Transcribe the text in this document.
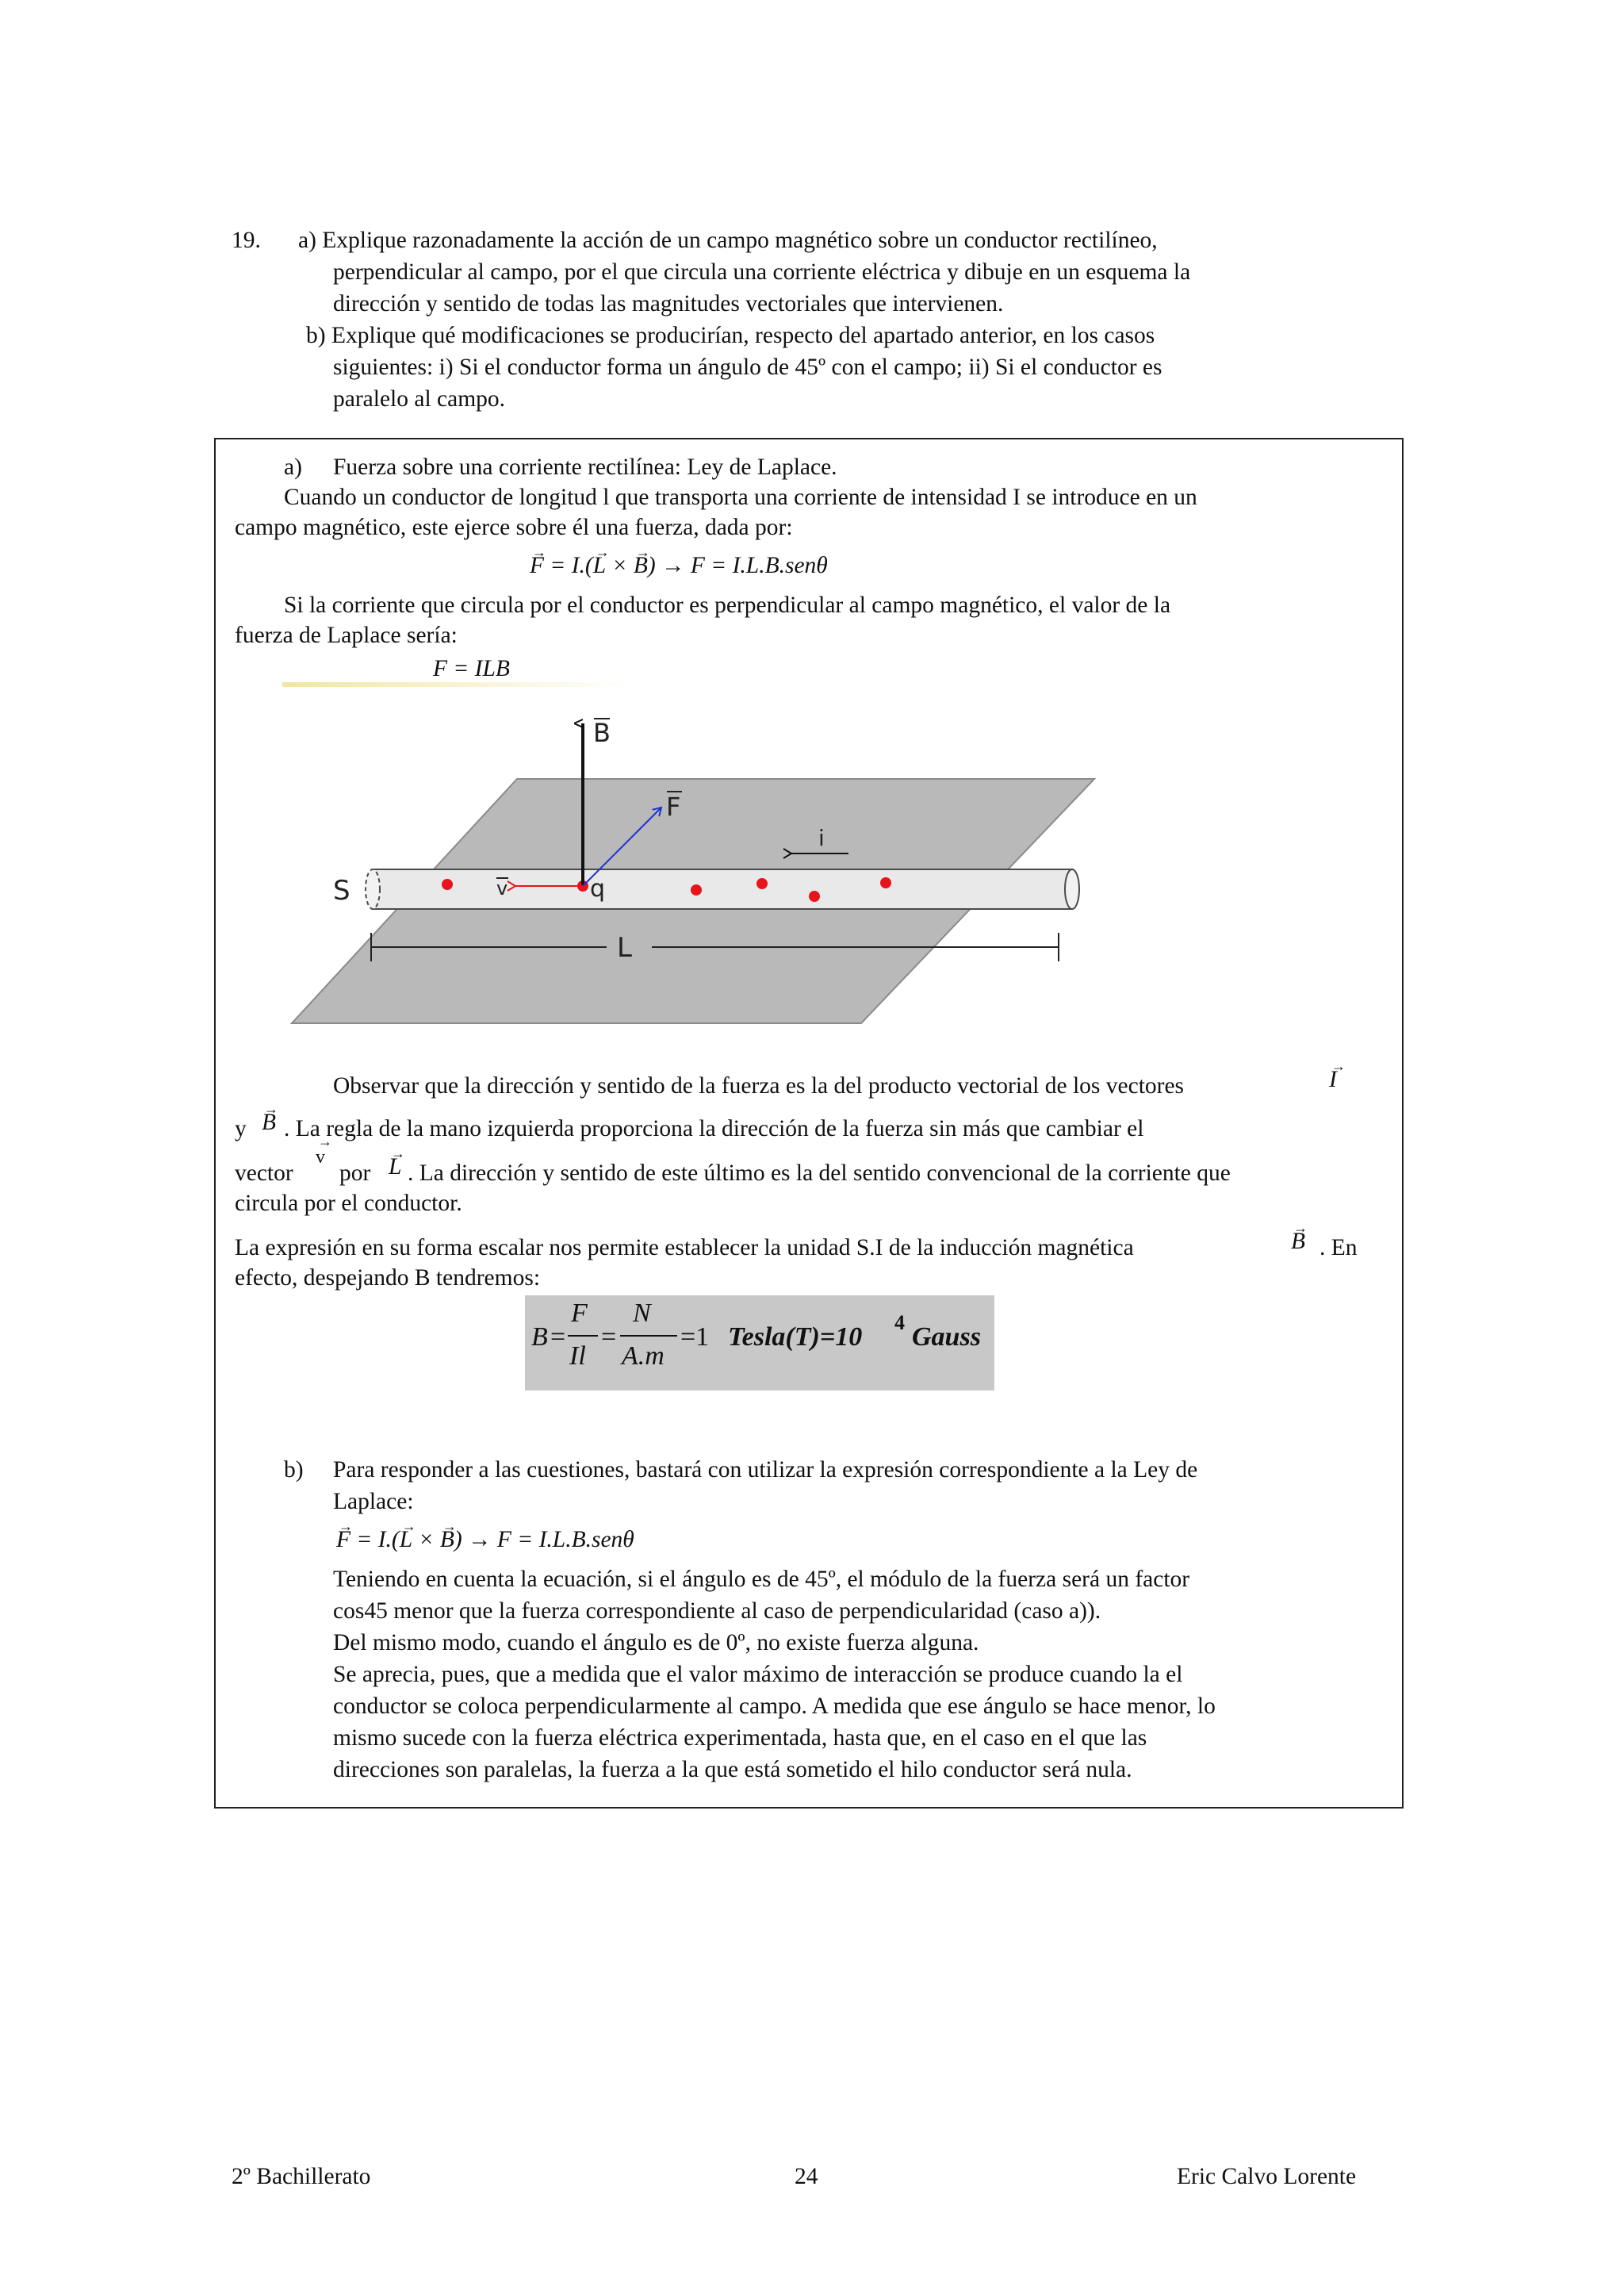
19. a) Explique razonadamente la acción de un campo magnético sobre un conductor rectilíneo,
perpendicular al campo, por el que circula una corriente eléctrica y dibuje en un esquema la
dirección y sentido de todas las magnitudes vectoriales que intervienen.
b) Explique qué modificaciones se producirían, respecto del apartado anterior, en los casos
siguientes: i) Si el conductor forma un ángulo de 45º con el campo; ii) Si el conductor es
paralelo al campo.
a) Fuerza sobre una corriente rectilínea: Ley de Laplace.
Cuando un conductor de longitud l que transporta una corriente de intensidad I se introduce en un
campo magnético, este ejerce sobre él una fuerza, dada por:
→ F = I.(→ L × → B) → F = I.L.B.senθ
Si la corriente que circula por el conductor es perpendicular al campo magnético, el valor de la
fuerza de Laplace sería:
F = ILB
B
F
v	q
i
S
L
Observar que la dirección y sentido de la fuerza es la del producto vectorial de los vectores	→ I
y → B . La regla de la mano izquierda proporciona la dirección de la fuerza sin más que cambiar el
vector
→ v
por → L . La dirección y sentido de este último es la del sentido convencional de la corriente que
circula por el conductor.
La expresión en su forma escalar nos permite establecer la unidad S.I de la inducción magnética	→ B . En
efecto, despejando B tendremos:
B =
F
Il
=
N
A.m
=1 Tesla(T)=10 4 Gauss
b) Para responder a las cuestiones, bastará con utilizar la expresión correspondiente a la Ley de
Laplace:
→ F = I.(→ L × → B) → F = I.L.B.senθ
Teniendo en cuenta la ecuación, si el ángulo es de 45º, el módulo de la fuerza será un factor
cos45 menor que la fuerza correspondiente al caso de perpendicularidad (caso a)).
Del mismo modo, cuando el ángulo es de 0º, no existe fuerza alguna.
Se aprecia, pues, que a medida que el valor máximo de interacción se produce cuando la el
conductor se coloca perpendicularmente al campo. A medida que ese ángulo se hace menor, lo
mismo sucede con la fuerza eléctrica experimentada, hasta que, en el caso en el que las
direcciones son paralelas, la fuerza a la que está sometido el hilo conductor será nula.
2º Bachillerato	24	Eric Calvo Lorente
